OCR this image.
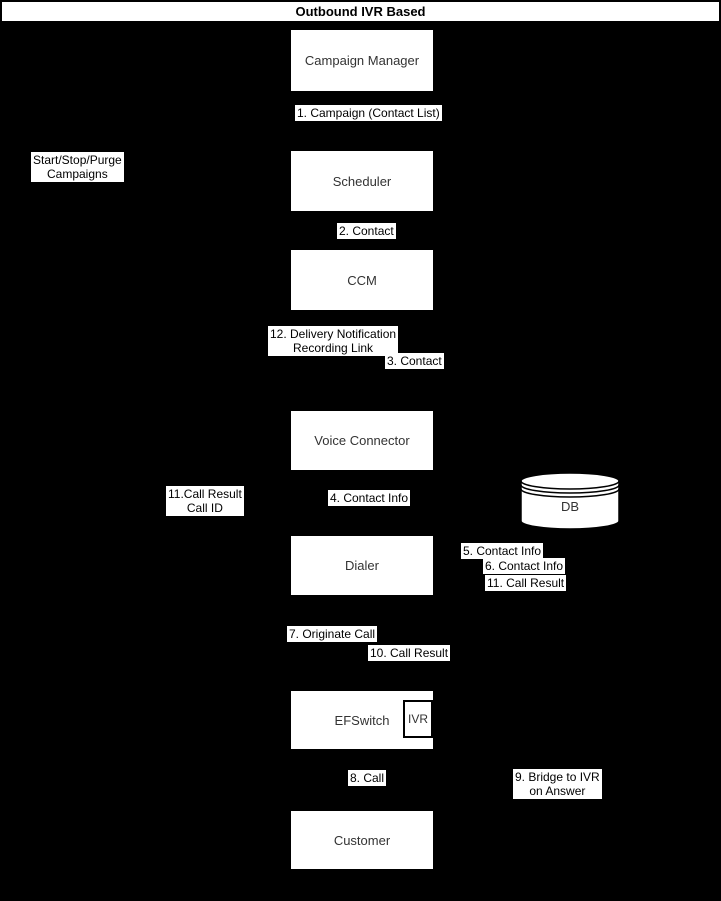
Outbound IVR Based
Campaign Manager
Scheduler
CCM
Voice Connector
Dialer
EFSwitch
Customer
IVR
1. Campaign (Contact List)
Start/Stop/Purge
Campaigns
2. Contact
12. Delivery Notification
Recording Link
3. Contact
11.Call Result
Call ID
4. Contact Info
5. Contact Info
6. Contact Info
11. Call Result
7. Originate Call
10. Call Result
8. Call	9. Bridge to IVR
on Answer
DB
